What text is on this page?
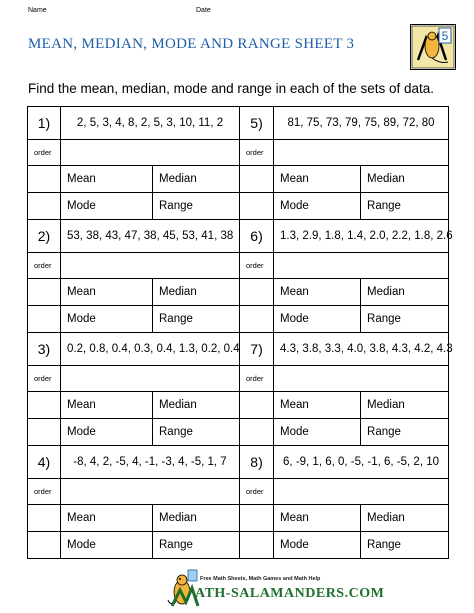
Name	Date
MEAN, MEDIAN, MODE AND RANGE SHEET 3	5
Find the mean, median, mode and range in each of the sets of data.
1)	2, 5, 3, 4, 8, 2, 5, 3, 10, 11, 2		5)	81, 75, 73, 79, 75, 89, 72, 80	
order			order		
	Mean	Median		Mean	Median
	Mode	Range		Mode	Range
2)	53, 38, 43, 47, 38, 45, 53, 41, 38		6)	1.3, 2.9, 1.8, 1.4, 2.0, 2.2, 1.8, 2.6	
order			order		
	Mean	Median		Mean	Median
	Mode	Range		Mode	Range
3)	0.2, 0.8, 0.4, 0.3, 0.4, 1.3, 0.2, 0.4		7)	4.3, 3.8, 3.3, 4.0, 3.8, 4.3, 4.2, 4.3	
order			order		
	Mean	Median		Mean	Median
	Mode	Range		Mode	Range
4)	-8, 4, 2, -5, 4, -1, -3, 4, -5, 1, 7		8)	6, -9, 1, 6, 0, -5, -1, 6, -5, 2, 10	
order			order		
	Mean	Median		Mean	Median
	Mode	Range		Mode	Range
Free Math Sheets, Math Games and Math Help
ATH-SALAMANDERS.COM
